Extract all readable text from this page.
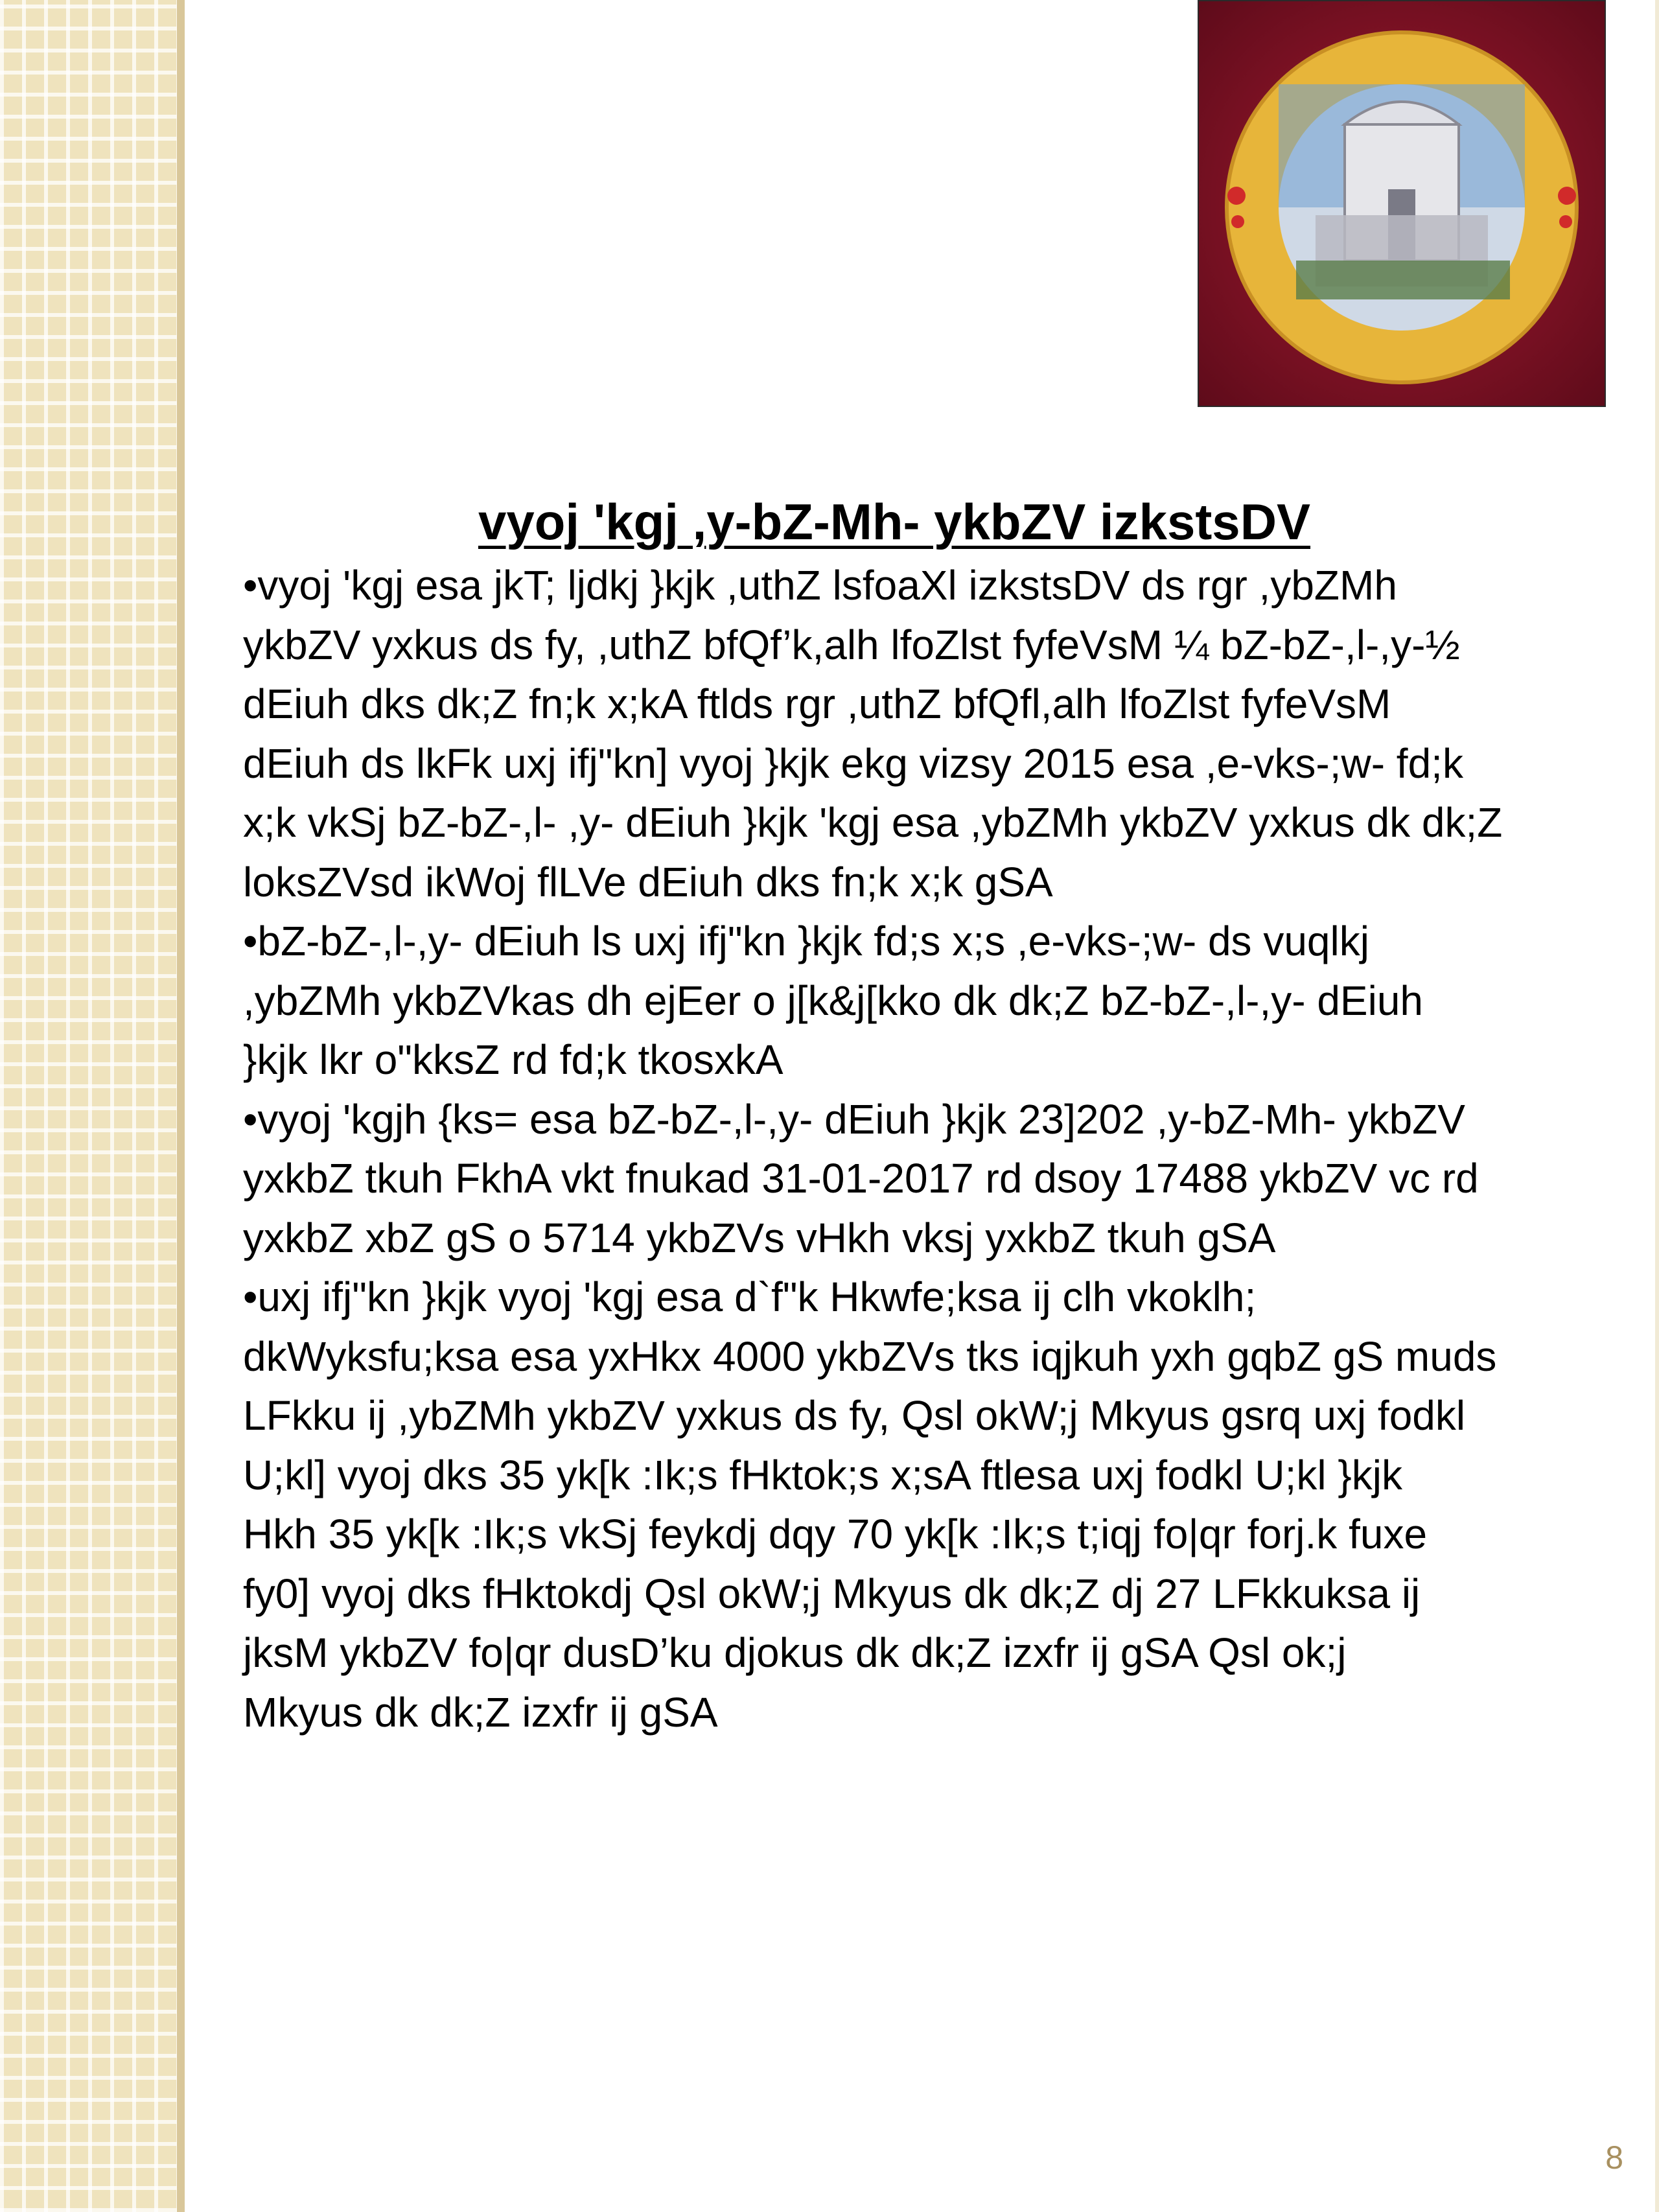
vyoj 'kgj ,y-bZ-Mh- ykbZV izkstsDV
•vyoj 'kgj esa jkT; ljdkj }kjk ,uthZ lsfoaXl izkstsDV ds rgr ,ybZMh
ykbZV yxkus ds fy, ,uthZ bfQf’k,alh lfoZlst fyfeVsM ¼ bZ-bZ-,l-,y-½
dEiuh dks dk;Z fn;k x;kA ftlds rgr ,uthZ bfQfl,alh lfoZlst fyfeVsM
dEiuh ds lkFk uxj ifj"kn] vyoj }kjk ekg vizsy 2015 esa ,e-vks-;w- fd;k
x;k vkSj bZ-bZ-,l- ,y- dEiuh }kjk 'kgj esa ,ybZMh ykbZV yxkus dk dk;Z
loksZVsd ikWoj flLVe dEiuh dks fn;k x;k gSA
•bZ-bZ-,l-,y- dEiuh ls uxj ifj"kn }kjk fd;s x;s ,e-vks-;w- ds vuqlkj
,ybZMh ykbZVkas dh ejEer o j[k&j[kko dk dk;Z bZ-bZ-,l-,y- dEiuh
}kjk lkr o"kksZ rd fd;k tkosxkA
•vyoj 'kgjh {ks= esa bZ-bZ-,l-,y- dEiuh }kjk 23]202 ,y-bZ-Mh- ykbZV
yxkbZ tkuh FkhA vkt fnukad 31-01-2017 rd dsoy 17488 ykbZV vc rd
yxkbZ xbZ gS o 5714 ykbZVs vHkh vksj yxkbZ tkuh gSA
•uxj ifj"kn }kjk vyoj 'kgj esa d`f"k Hkwfe;ksa ij clh vkoklh;
dkWyksfu;ksa esa yxHkx 4000 ykbZVs tks iqjkuh yxh gqbZ gS muds
LFkku ij ,ybZMh ykbZV yxkus ds fy, Qsl okW;j Mkyus gsrq uxj fodkl
U;kl] vyoj dks 35 yk[k :Ik;s fHktok;s x;sA ftlesa uxj fodkl U;kl }kjk
Hkh 35 yk[k :Ik;s vkSj feykdj dqy 70 yk[k :Ik;s t;iqj fo|qr forj.k fuxe
fy0] vyoj dks fHktokdj Qsl okW;j Mkyus dk dk;Z dj 27 LFkkuksa ij
jksM ykbZV fo|qr dusD’ku djokus dk dk;Z izxfr ij gSA Qsl ok;j
Mkyus dk dk;Z izxfr ij gSA
8
